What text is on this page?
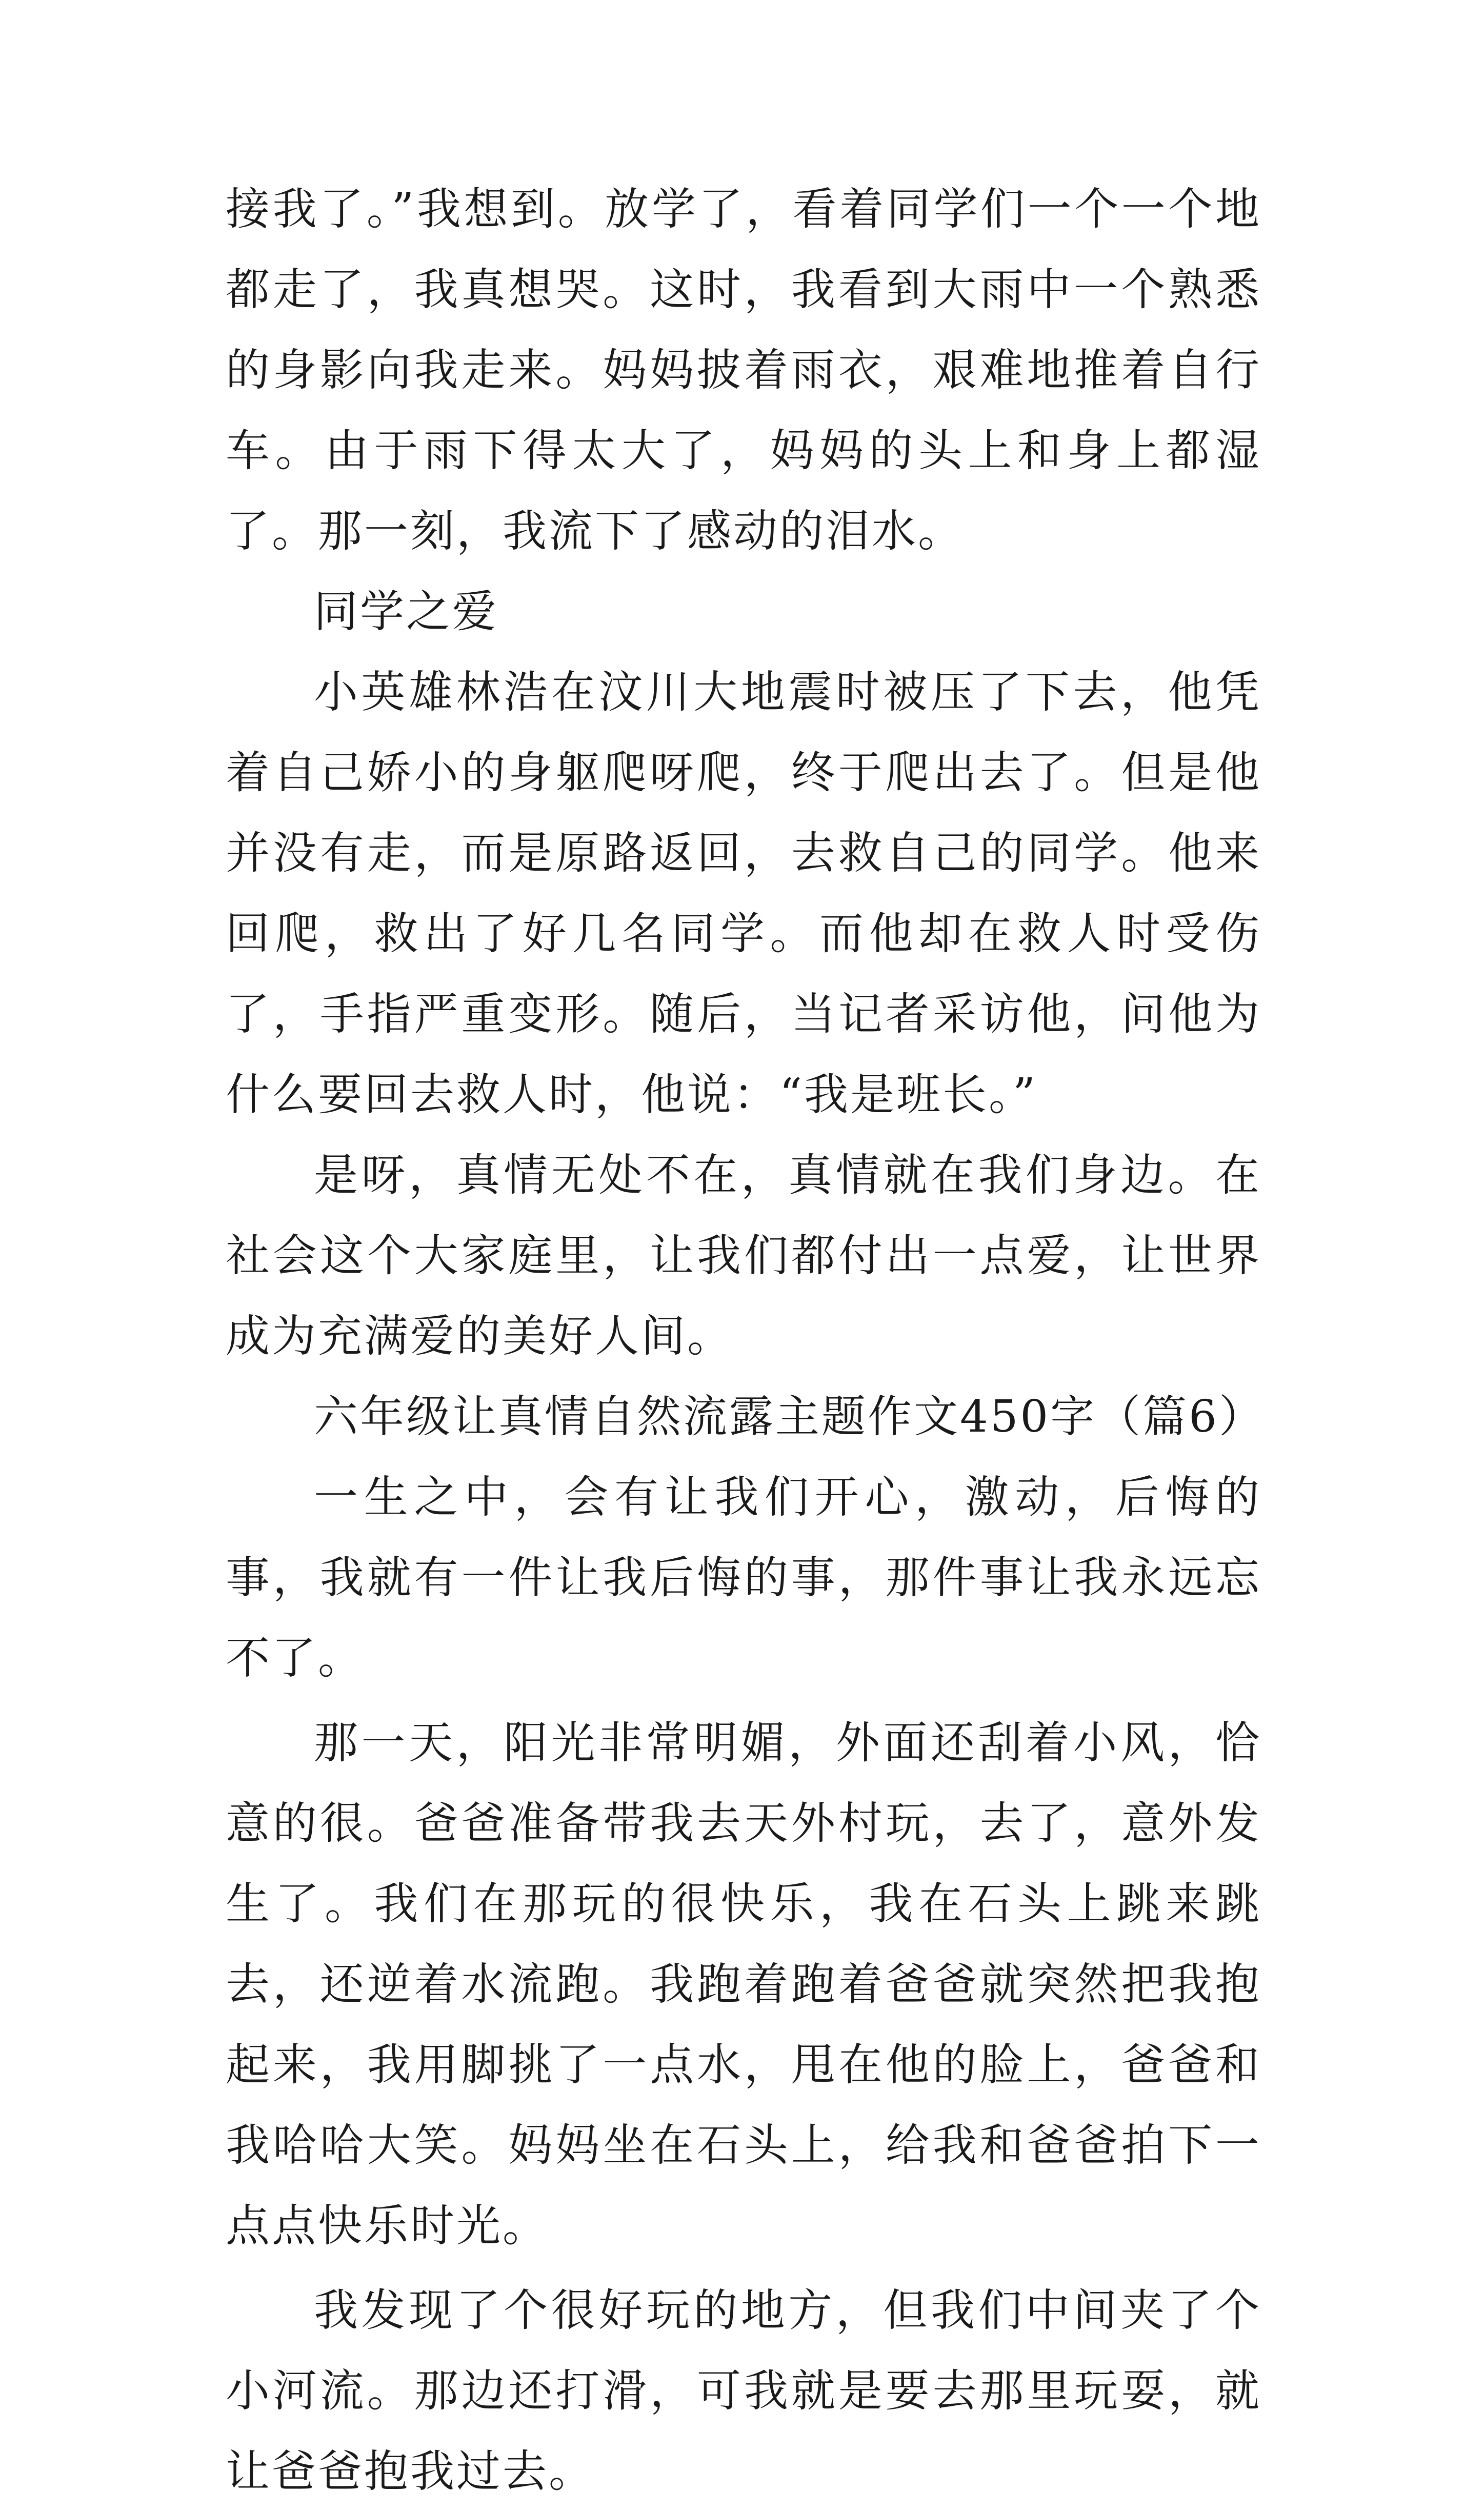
接我了。”我想到。放学了，看着同学们一个一个地都走了，我真想哭。这时，我看到大雨中一个熟悉的身影向我走来。妈妈披着雨衣，艰难地推着自行车。由于雨下得太大了，妈妈的头上和身上都湿了。那一刻，我流下了感动的泪水。

同学之爱

小英雄林浩在汶川大地震时被压了下去，他凭着自己娇小的身躯爬呀爬，终于爬出去了。但是他并没有走，而是原路返回，去救自己的同学。他来回爬，救出了好几名同学。而他却在救人时受伤了，手指严重变形。随后，当记者采访他，问他为什么要回去救人时，他说：“我是班长。”

是呀，真情无处不在，真情就在我们身边。在社会这个大家庭里，让我们都付出一点爱，让世界成为充满爱的美好人间。

六年级让真情自然流露主题作文450字（篇6）

一生之中，会有让我们开心，激动，后悔的事，我就有一件让我后悔的事，那件事让我永远忘不了。

那一天，阳光非常明媚，外面还刮着小风，恰意的很。爸爸准备带我去天外村玩，去了，意外发生了。我们在那玩的很快乐，我在石头上跳来跳去，还逆着水流跑。我跑着跑着爸爸就突然把我抱起来，我用脚挑了一点水，甩在他的脸上，爸爸和我哈哈大笑。妈妈坐在石头上，给我和爸爸拍下一点点快乐时光。

我发现了个很好玩的地方，但我们中间夹了个小河流。那边还打滑，可我就是要去那里玩耍，就让爸爸抱我过去。
